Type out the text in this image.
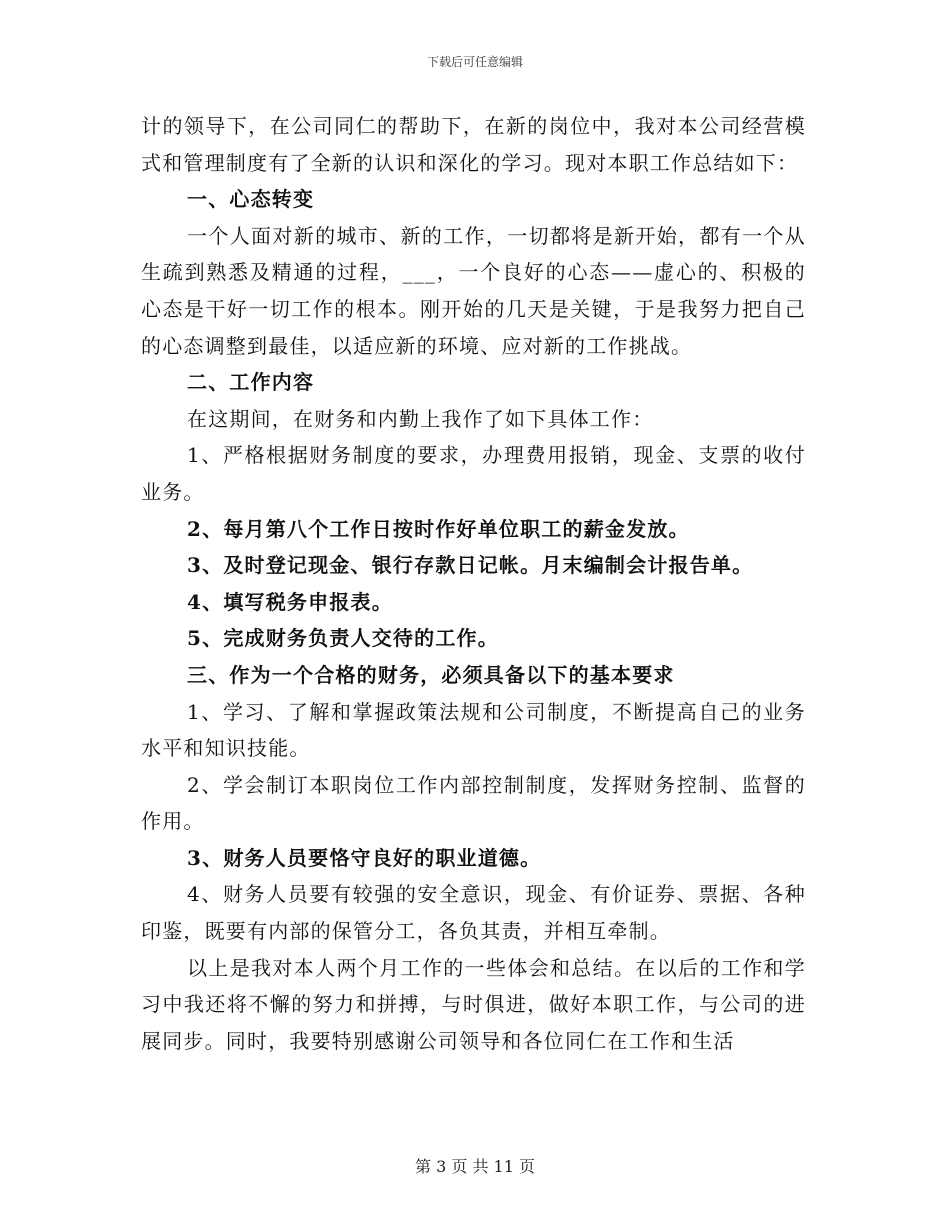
下载后可任意编辑

计的领导下，在公司同仁的帮助下，在新的岗位中，我对本公司经营模式和管理制度有了全新的认识和深化的学习。现对本职工作总结如下：

一、心态转变

一个人面对新的城市、新的工作，一切都将是新开始，都有一个从生疏到熟悉及精通的过程，___，一个良好的心态——虚心的、积极的心态是干好一切工作的根本。刚开始的几天是关键，于是我努力把自己的心态调整到最佳，以适应新的环境、应对新的工作挑战。

二、工作内容

在这期间，在财务和内勤上我作了如下具体工作：

1、严格根据财务制度的要求，办理费用报销，现金、支票的收付业务。

2、每月第八个工作日按时作好单位职工的薪金发放。

3、及时登记现金、银行存款日记帐。月末编制会计报告单。

4、填写税务申报表。

5、完成财务负责人交待的工作。

三、作为一个合格的财务，必须具备以下的基本要求

1、学习、了解和掌握政策法规和公司制度，不断提高自己的业务水平和知识技能。

2、学会制订本职岗位工作内部控制制度，发挥财务控制、监督的作用。

3、财务人员要恪守良好的职业道德。

4、财务人员要有较强的安全意识，现金、有价证券、票据、各种印鉴，既要有内部的保管分工，各负其责，并相互牵制。

以上是我对本人两个月工作的一些体会和总结。在以后的工作和学习中我还将不懈的努力和拼搏，与时俱进，做好本职工作，与公司的进展同步。同时，我要特别感谢公司领导和各位同仁在工作和生活

第 3 页 共 11 页
